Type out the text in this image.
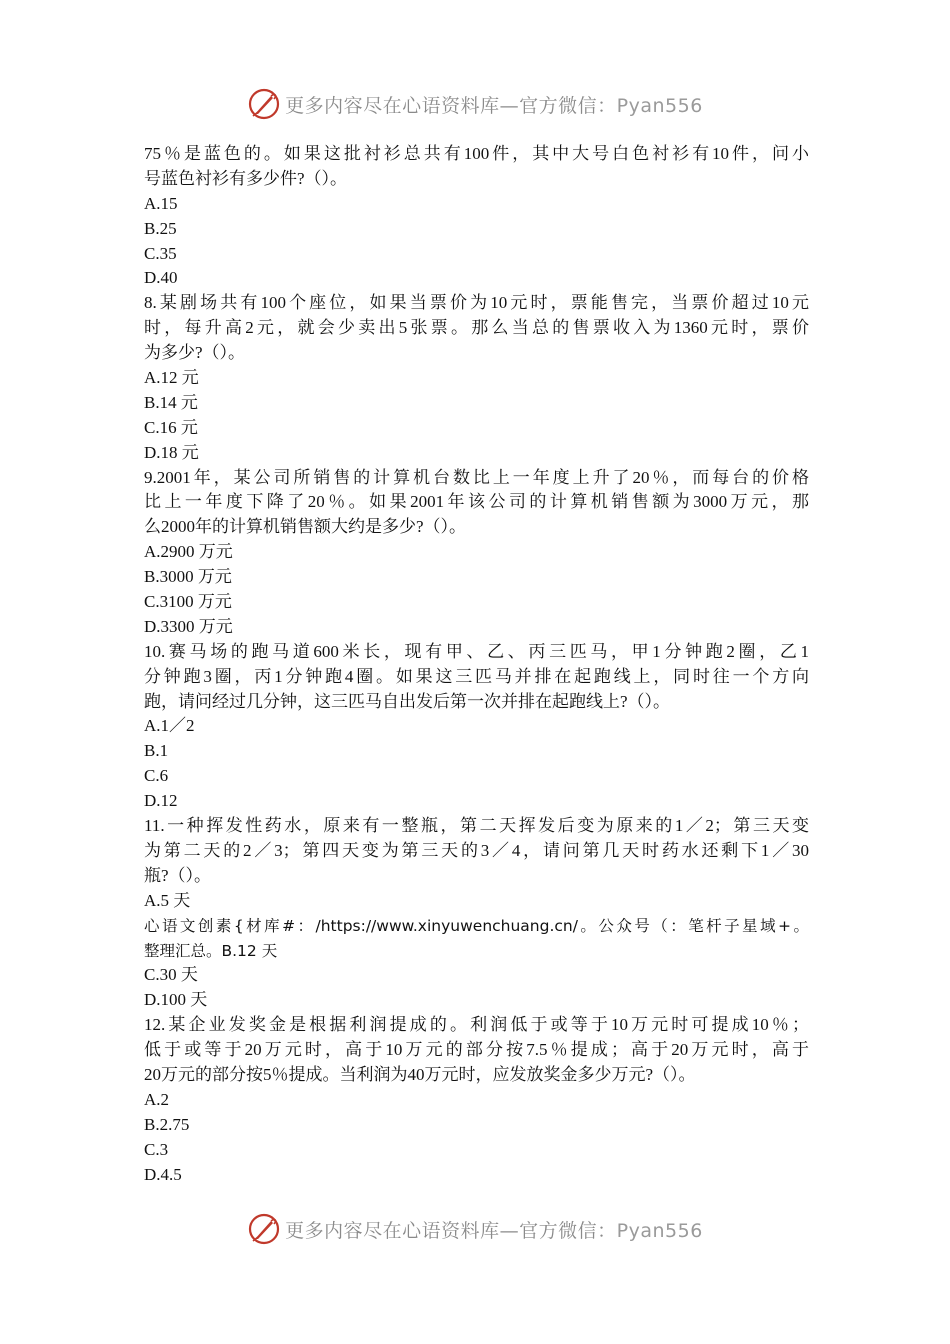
更多内容尽在心语资料库—官方微信：Pyan556
75％是蓝色的。如果这批衬衫总共有100件，其中大号白色衬衫有10件，问小
号蓝色衬衫有多少件?（）。
A.15
B.25
C.35
D.40
8.某剧场共有100个座位，如果当票价为10元时，票能售完，当票价超过10元
时，每升高2元，就会少卖出5张票。那么当总的售票收入为1360元时，票价
为多少?（）。
A.12 元
B.14 元
C.16 元
D.18 元
9.2001年，某公司所销售的计算机台数比上一年度上升了20％，而每台的价格
比上一年度下降了20％。如果2001年该公司的计算机销售额为3000万元，那
么2000年的计算机销售额大约是多少?（）。
A.2900 万元
B.3000 万元
C.3100 万元
D.3300 万元
10.赛马场的跑马道600米长，现有甲、乙、丙三匹马，甲1分钟跑2圈，乙1
分钟跑3圈，丙1分钟跑4圈。如果这三匹马并排在起跑线上，同时往一个方向
跑，请问经过几分钟，这三匹马自出发后第一次并排在起跑线上?（）。
A.1／2
B.1
C.6
D.12
11.一种挥发性药水，原来有一整瓶，第二天挥发后变为原来的1／2；第三天变
为第二天的2／3；第四天变为第三天的3／4，请问第几天时药水还剩下1／30
瓶?（）。
A.5 天
心语文创素{材库#：/https://www.xinyuwenchuang.cn/。公众号（：笔杆子星域+。
整理汇总。B.12 天
C.30 天
D.100 天
12.某企业发奖金是根据利润提成的。利润低于或等于10万元时可提成10％；
低于或等于20万元时，高于10万元的部分按7.5％提成；高于20万元时，高于
20万元的部分按5％提成。当利润为40万元时，应发放奖金多少万元?（）。
A.2
B.2.75
C.3
D.4.5
更多内容尽在心语资料库—官方微信：Pyan556
